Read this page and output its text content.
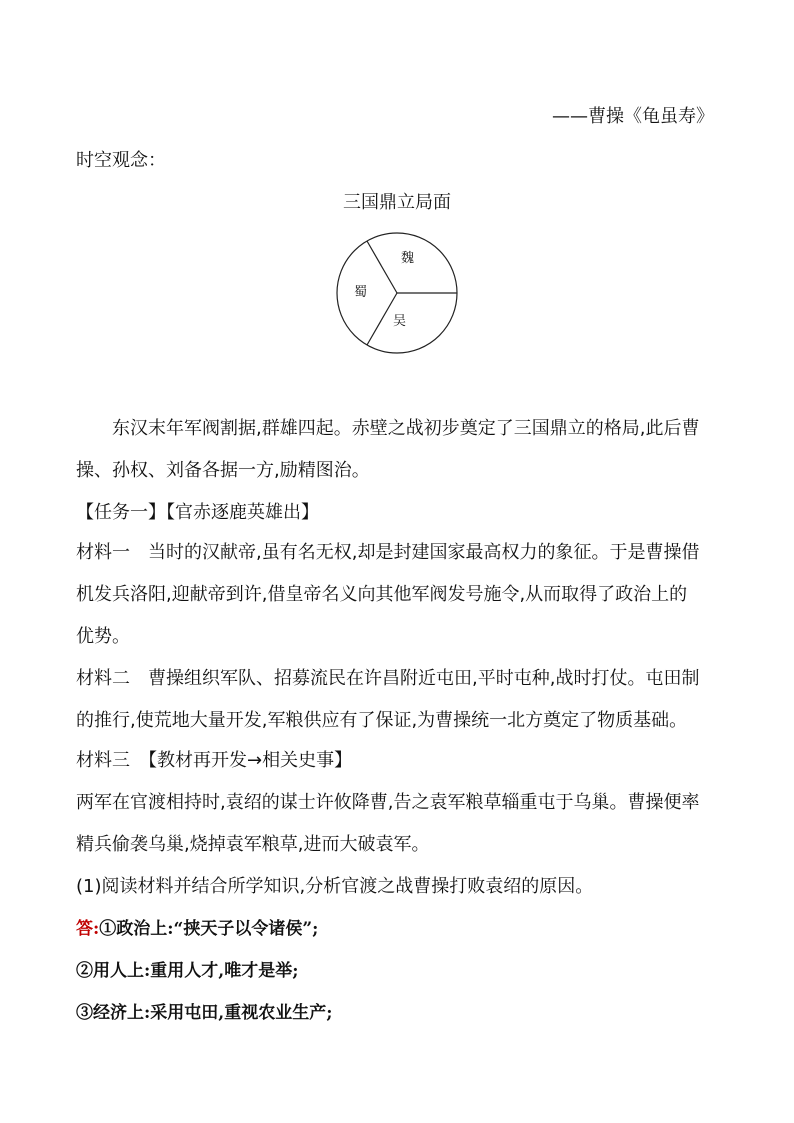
——曹操《龟虽寿》
时空观念：
三国鼎立局面
魏
蜀
吴
东汉末年军阀割据,群雄四起。赤壁之战初步奠定了三国鼎立的格局,此后曹
操、孙权、刘备各据一方,励精图治。
【任务一】【官赤逐鹿英雄出】
材料一　当时的汉献帝,虽有名无权,却是封建国家最高权力的象征。于是曹操借
机发兵洛阳,迎献帝到许,借皇帝名义向其他军阀发号施令,从而取得了政治上的
优势。
材料二　曹操组织军队、招募流民在许昌附近屯田,平时屯种,战时打仗。屯田制
的推行,使荒地大量开发,军粮供应有了保证,为曹操统一北方奠定了物质基础。
材料三　【教材再开发→相关史事】
两军在官渡相持时,袁绍的谋士许攸降曹,告之袁军粮草辎重屯于乌巢。曹操便率
精兵偷袭乌巢,烧掉袁军粮草,进而大破袁军。
(1)阅读材料并结合所学知识,分析官渡之战曹操打败袁绍的原因。
答:①政治上:“挟天子以令诸侯”;
②用人上:重用人才,唯才是举;
③经济上:采用屯田,重视农业生产;
